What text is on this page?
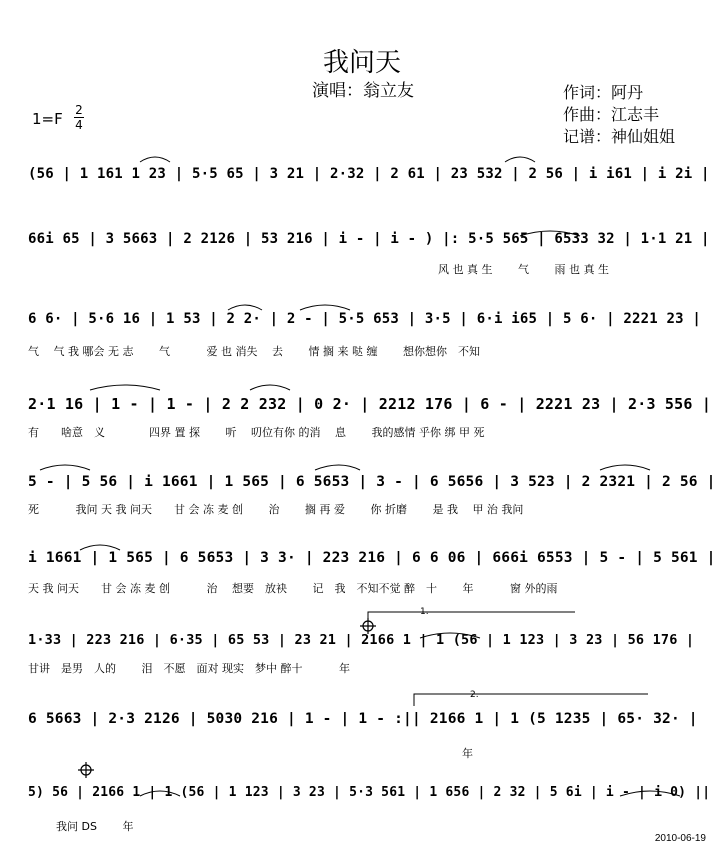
1.
2.
我问天
演唱：翁立友	作词：阿丹
作曲：江志丰
记谱：神仙姐姐
1=F 2
4
(56 | 1 161 1 23 | 5·5 65 | 3 21 | 2·32 | 2 61 | 23 532 | 2 56 | i i61 | i 2i |
66i 65 | 3 5663 | 2 2126 | 53 216 | i - | i - ) |: 5·5 565 | 6533 32 | 1·1 21 |
风 也 真 生　　 气　　 雨 也 真 生
6 6· | 5·6 16 | 1 53 | 2 2· | 2 - | 5·5 653 | 3·5 | 6·i i65 | 5 6· | 2221 23 |
气　 气 我 哪会 无 志　　 气　　　 爱 也 消失　 去　　 情 搁 来 哒 缠　　 想你想你　不知
2·1 16 | 1 - | 1 - | 2 2 232 | 0 2· | 2212 176 | 6 - | 2221 23 | 2·3 556 |
有　　啥意　义　　　　四界 置 探　　 听　 叨位有你 的消　 息　　 我的感情 乎你 绑 甲 死
5 - | 5 56 | i 1661 | 1 565 | 6 5653 | 3 - | 6 5656 | 3 523 | 2 2321 | 2 56 |
死　　　 我问 天 我 问天　　甘 会 冻 麦 创　　 治　　 搁 再 爱　　 你 折磨　　 是 我　 甲 治 我问
i 1661 | 1 565 | 6 5653 | 3 3· | 223 216 | 6 6 06 | 666i 6553 | 5 - | 5 561 |
天 我 问天　　甘 会 冻 麦 创　　　 治　 想要　放袂　　 记　我　不知不觉 醉　十　　 年　　　 窗 外的雨
1·33 | 223 216 | 6·35 | 65 53 | 23 21 | 2166 1 | 1 (56 | 1 123 | 3 23 | 56 176 |
甘讲　是男　人的　　 泪　不愿　面对 现实　梦中 醉十　　　 年
6 5663 | 2·3 2126 | 5030 216 | 1 - | 1 - :|| 2166 1 | 1 (5 1235 | 65· 32· |
年
5) 56 | 2166 1 | 1 (56 | 1 123 | 3 23 | 5·3 561 | 1 656 | 2 32 | 5 6i | i - | i 0) ||
我问 DS　　 年
2010-06-19
